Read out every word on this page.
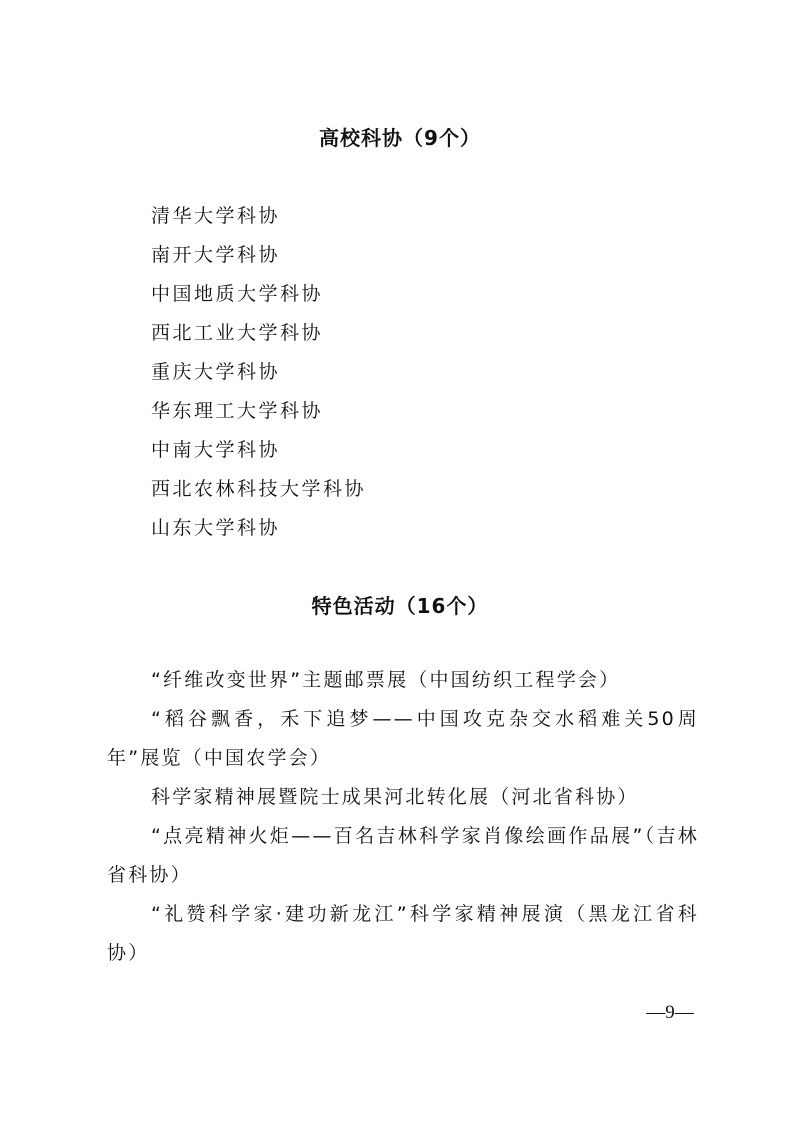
高校科协（9个）
清华大学科协
南开大学科协
中国地质大学科协
西北工业大学科协
重庆大学科协
华东理工大学科协
中南大学科协
西北农林科技大学科协
山东大学科协
特色活动（16个）

“纤维改变世界”主题邮票展（中国纺织工程学会）

“稻谷飘香，禾下追梦——中国攻克杂交水稻难关50周年”展览（中国农学会）

科学家精神展暨院士成果河北转化展（河北省科协）

“点亮精神火炬——百名吉林科学家肖像绘画作品展”（吉林省科协）

“礼赞科学家·建功新龙江”科学家精神展演（黑龙江省科协）

—9—
